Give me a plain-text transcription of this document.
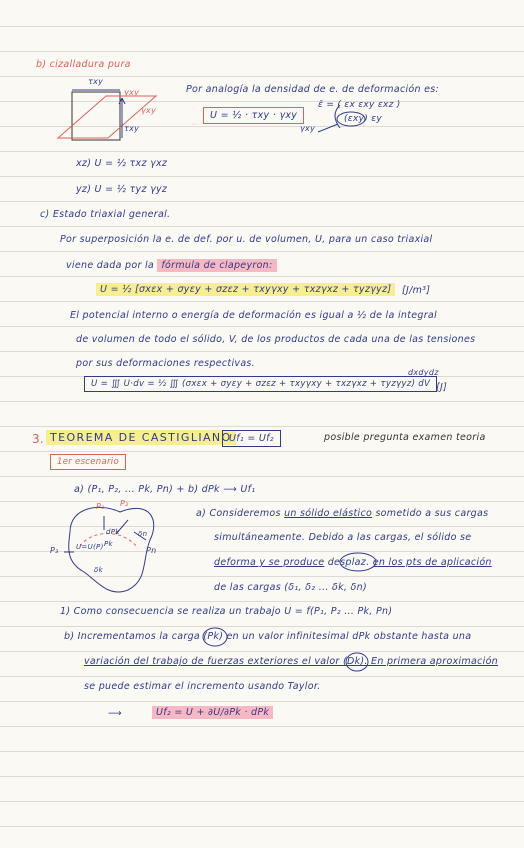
b) cizalladura pura
τxy
γxy
γxy
τxy
Por analogía la densidad de e. de deformación es:
U = ½ · τxy · γxy
ε̄ = ( εx εxy εxz )
(εxy) εy
γxy
xz) U = ½ τxz γxz
yz) U = ½ τyz γyz
c) Estado triaxial general.
Por superposición la e. de def. por u. de volumen, U, para un caso triaxial
viene dada por la fórmula de clapeyron:
U = ½ [σxεx + σyεy + σzεz + τxyγxy + τxzγxz + τyzγyz]	[J/m³]
El potencial interno o energía de deformación es igual a ½ de la integral
de volumen de todo el sólido, V, de los productos de cada una de las tensiones
por sus deformaciones respectivas.
U = ∭ U·dv = ½ ∭ (σxεx + σyεy + σzεz + τxyγxy + τxzγxz + τyzγyz) dV
dxdydz
[J]
3. TEOREMA DE CASTIGLIANO
Uf₁ = Uf₂	posible pregunta examen teoria
1er escenario
a) (P₁, P₂, ... Pk, Pn) + b) dPk ⟶ Uf₁
P₁ P₂
P₃
Pk
Pn
U=U(P)
dPk	δn
δk
a) Consideremos un sólido elástico sometido a sus cargas
simultáneamente. Debido a las cargas, el sólido se
deforma y se produce desplaz. en los pts de aplicación
de las cargas (δ₁, δ₂ ... δk, δn)
1) Como consecuencia se realiza un trabajo U = f(P₁, P₂ ... Pk, Pn)
b) Incrementamos la carga (Pk) en un valor infinitesimal dPk obstante hasta una
variación del trabajo de fuerzas exteriores el valor (Dk). En primera aproximación
se puede estimar el incremento usando Taylor.
⟶	Uf₂ = U + ∂U/∂Pk · dPk
